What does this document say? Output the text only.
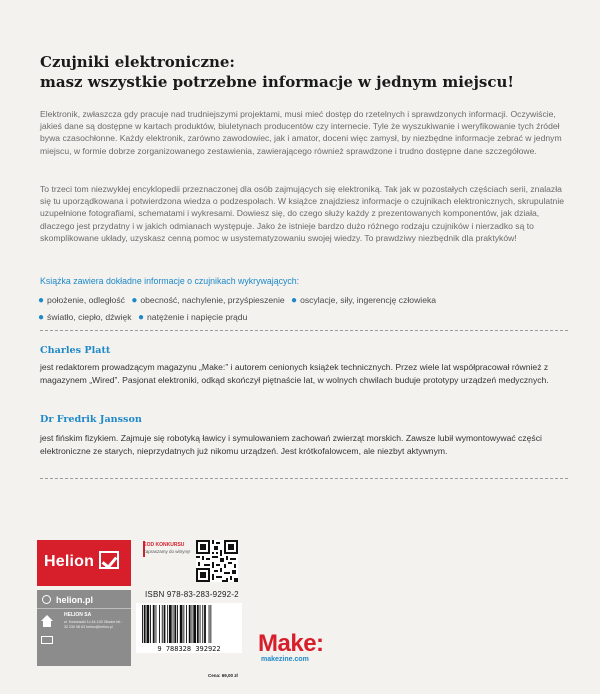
Czujniki elektroniczne:
masz wszystkie potrzebne informacje w jednym miejscu!
Elektronik, zwłaszcza gdy pracuje nad trudniejszymi projektami, musi mieć dostęp do rzetelnych i sprawdzonych informacji. Oczywiście, jakieś dane są dostępne w kartach produktów, biuletynach producentów czy internecie. Tyle że wyszukiwanie i weryfikowanie tych źródeł bywa czasochłonne. Każdy elektronik, zarówno zawodowiec, jak i amator, doceni więc zamysł, by niezbędne informacje zebrać w jednym miejscu, w formie dobrze zorganizowanego zestawienia, zawierającego również sprawdzone i trudno dostępne dane szczegółowe.
To trzeci tom niezwykłej encyklopedii przeznaczonej dla osób zajmujących się elektroniką. Tak jak w pozostałych częściach serii, znalazła się tu uporządkowana i potwierdzona wiedza o podzespołach. W książce znajdziesz informacje o czujnikach elektronicznych, skrupulatnie uzupełnione fotografiami, schematami i wykresami. Dowiesz się, do czego służy każdy z prezentowanych komponentów, jak działa, dlaczego jest przydatny i w jakich odmianach występuje. Jako że istnieje bardzo dużo różnego rodzaju czujników i nierzadko są to skomplikowane układy, uzyskasz cenną pomoc w usystematyzowaniu swojej wiedzy. To prawdziwy niezbędnik dla praktyków!
Książka zawiera dokładne informacje o czujnikach wykrywających:
● położenie, odległość ● obecność, nachylenie, przyśpieszenie ● oscylacje, siły, ingerencję człowieka
● światło, ciepło, dźwięk ● natężenie i napięcie prądu
Charles Platt
jest redaktorem prowadzącym magazynu „Make:” i autorem cenionych książek technicznych. Przez wiele lat współpracował również z magazynem „Wired”. Pasjonat elektroniki, odkąd skończył piętnaście lat, w wolnych chwilach buduje prototypy urządzeń medycznych.
Dr Fredrik Jansson
jest fińskim fizykiem. Zajmuje się robotyką ławicy i symulowaniem zachowań zwierząt morskich. Zawsze lubił wymontowywać części elektroniczne ze starych, nieprzydatnych już nikomu urządzeń. Jest krótkofalowcem, ale niezbyt aktywnym.
Helion
helion.pl
HELION SA
ul. Kościuszki 1c 44-100 Gliwice tel.: 32 230 98 63 helion@helion.pl
KOD KONKURSU
Zapraszamy do witryny!
ISBN 978-83-283-9292-2
9 788328 392922
Cena: 69,00 zł
Make:
makezine.com
